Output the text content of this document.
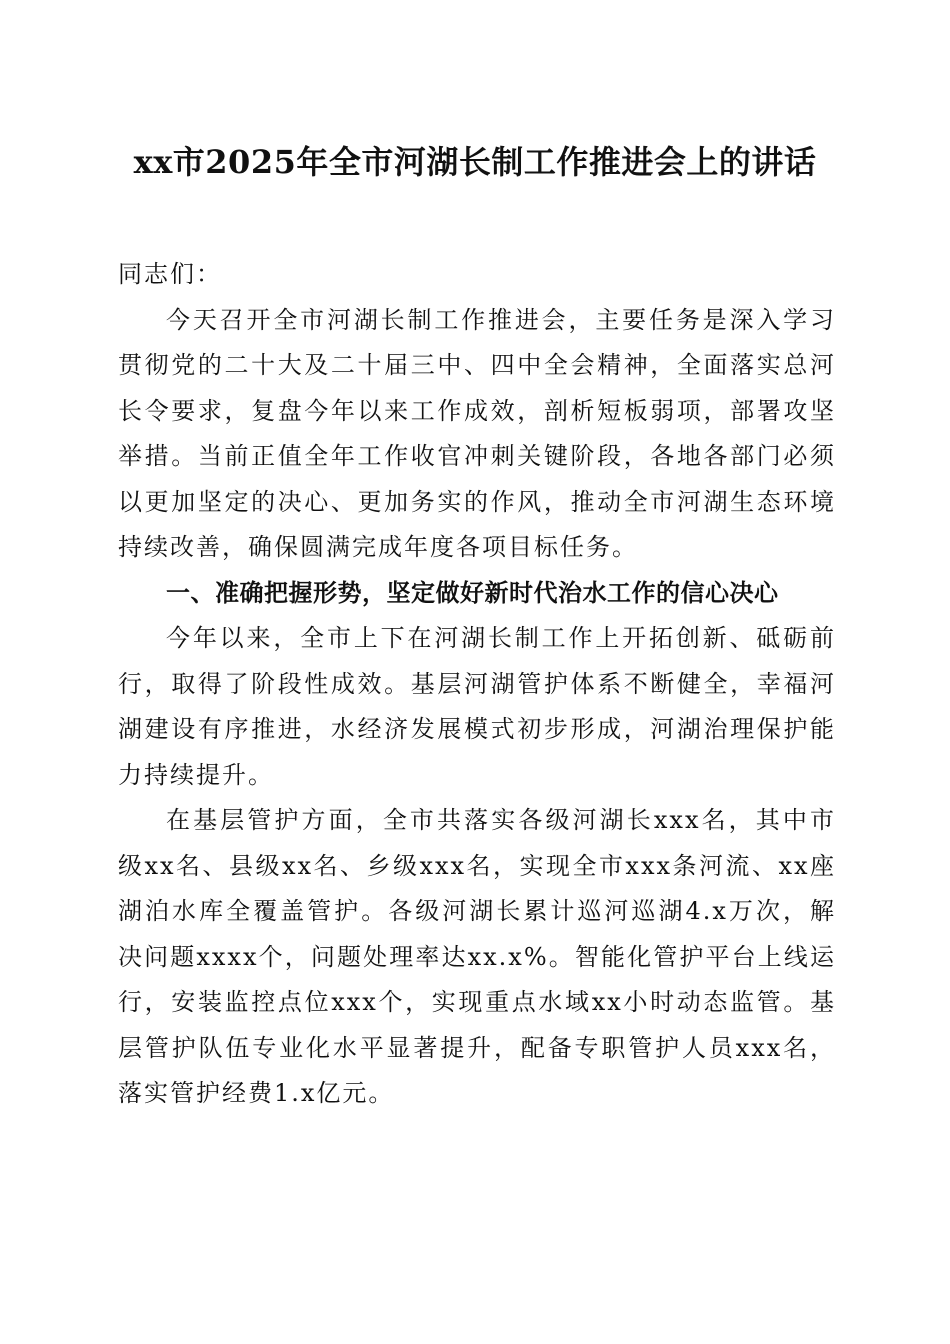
xx市2025年全市河湖长制工作推进会上的讲话

同志们：

今天召开全市河湖长制工作推进会，主要任务是深入学习贯彻党的二十大及二十届三中、四中全会精神，全面落实总河长令要求，复盘今年以来工作成效，剖析短板弱项，部署攻坚举措。当前正值全年工作收官冲刺关键阶段，各地各部门必须以更加坚定的决心、更加务实的作风，推动全市河湖生态环境持续改善，确保圆满完成年度各项目标任务。

一、准确把握形势，坚定做好新时代治水工作的信心决心

今年以来，全市上下在河湖长制工作上开拓创新、砥砺前行，取得了阶段性成效。基层河湖管护体系不断健全，幸福河湖建设有序推进，水经济发展模式初步形成，河湖治理保护能力持续提升。

在基层管护方面，全市共落实各级河湖长xxx名，其中市级xx名、县级xx名、乡级xxx名，实现全市xxx条河流、xx座湖泊水库全覆盖管护。各级河湖长累计巡河巡湖4.x万次，解决问题xxxx个，问题处理率达xx.x%。智能化管护平台上线运行，安装监控点位xxx个，实现重点水域xx小时动态监管。基层管护队伍专业化水平显著提升，配备专职管护人员xxx名，落实管护经费1.x亿元。
